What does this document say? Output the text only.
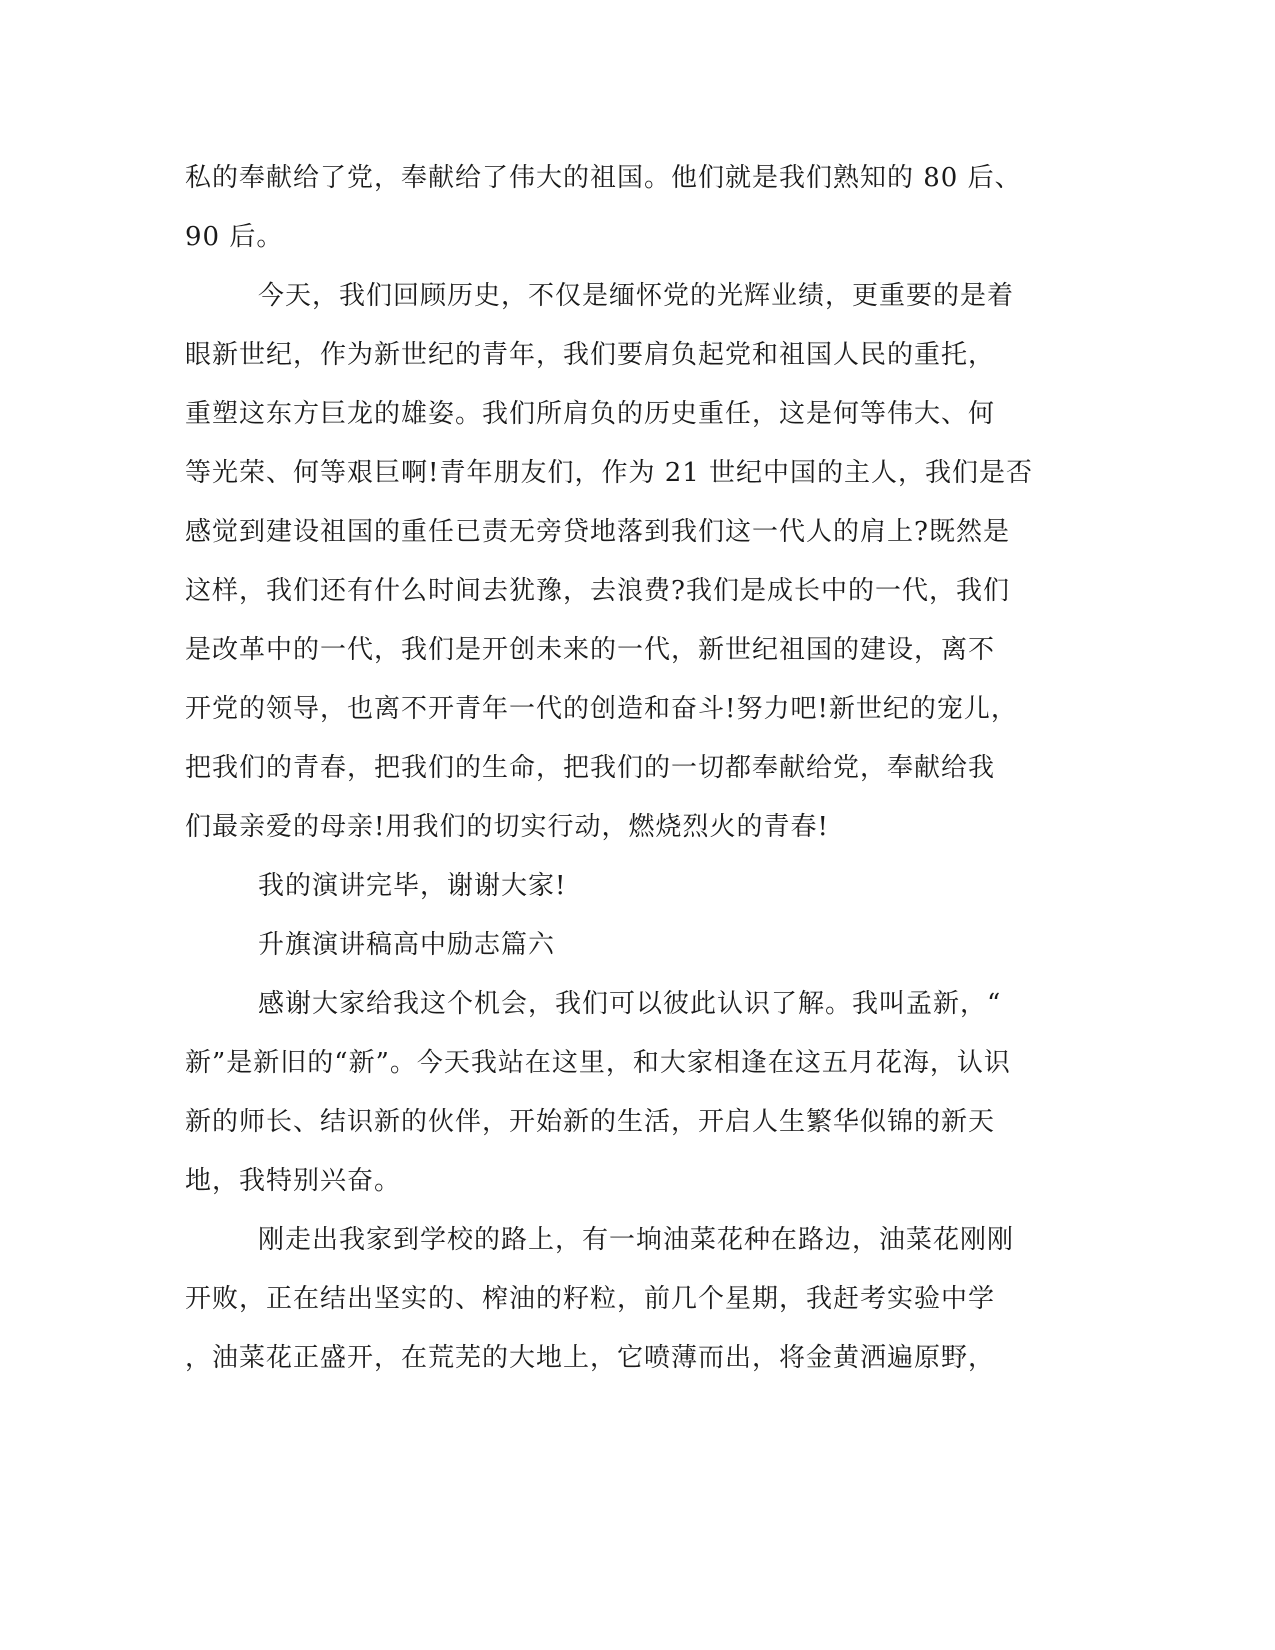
私的奉献给了党，奉献给了伟大的祖国。他们就是我们熟知的 80 后、
90 后。
今天，我们回顾历史，不仅是缅怀党的光辉业绩，更重要的是着
眼新世纪，作为新世纪的青年，我们要肩负起党和祖国人民的重托，
重塑这东方巨龙的雄姿。我们所肩负的历史重任，这是何等伟大、何
等光荣、何等艰巨啊!青年朋友们，作为 21 世纪中国的主人，我们是否
感觉到建设祖国的重任已责无旁贷地落到我们这一代人的肩上?既然是
这样，我们还有什么时间去犹豫，去浪费?我们是成长中的一代，我们
是改革中的一代，我们是开创未来的一代，新世纪祖国的建设，离不
开党的领导，也离不开青年一代的创造和奋斗!努力吧!新世纪的宠儿，
把我们的青春，把我们的生命，把我们的一切都奉献给党，奉献给我
们最亲爱的母亲!用我们的切实行动，燃烧烈火的青春!
我的演讲完毕，谢谢大家!
升旗演讲稿高中励志篇六
感谢大家给我这个机会，我们可以彼此认识了解。我叫孟新，“
新”是新旧的“新”。今天我站在这里，和大家相逢在这五月花海，认识
新的师长、结识新的伙伴，开始新的生活，开启人生繁华似锦的新天
地，我特别兴奋。
刚走出我家到学校的路上，有一垧油菜花种在路边，油菜花刚刚
开败，正在结出坚实的、榨油的籽粒，前几个星期，我赶考实验中学
，油菜花正盛开，在荒芜的大地上，它喷薄而出，将金黄洒遍原野，
